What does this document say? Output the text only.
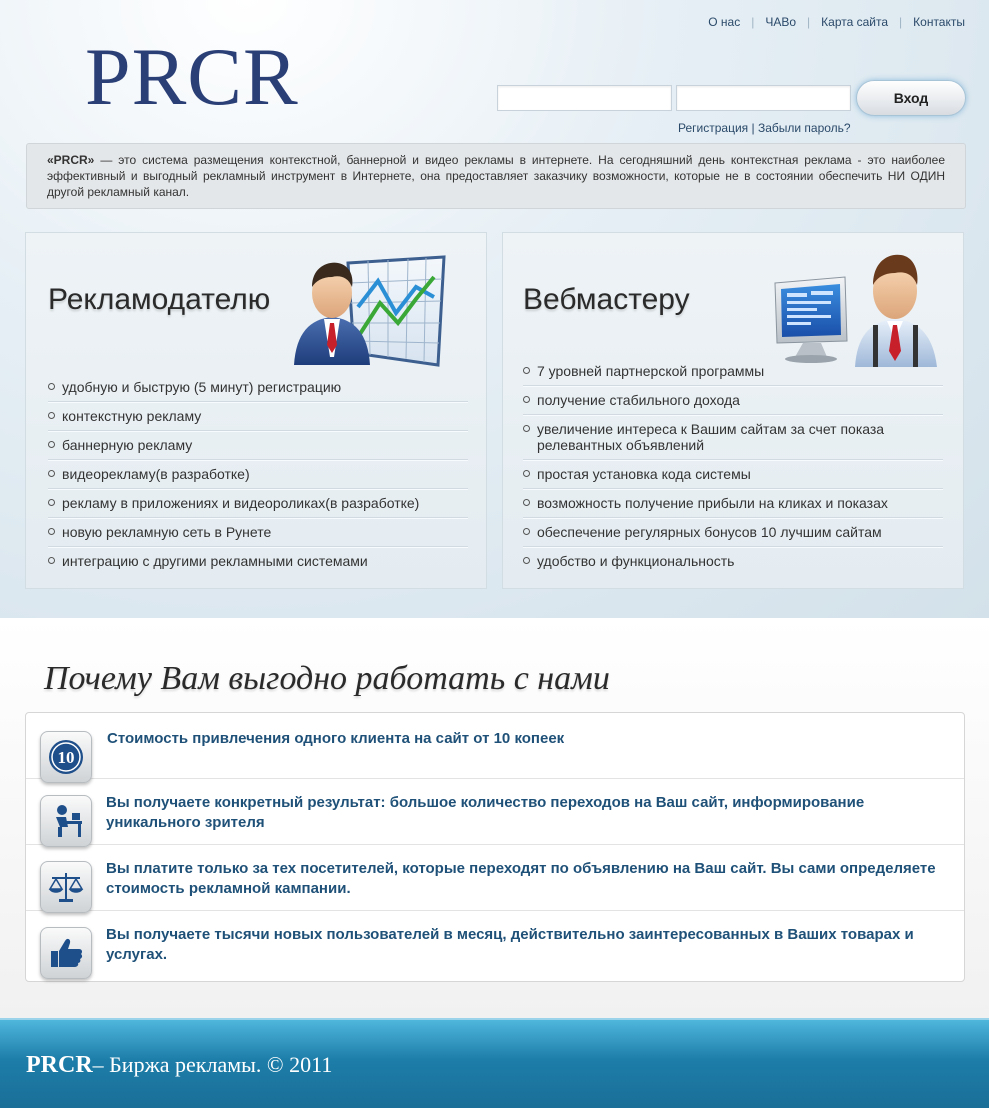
PRCR
О нас | ЧАВо | Карта сайта | Контакты
Вход
Регистрация | Забыли пароль?
«PRCR» — это система размещения контекстной, баннерной и видео рекламы в интернете. На сегодняшний день контекстная реклама - это наиболее эффективный и выгодный рекламный инструмент в Интернете, она предоставляет заказчику возможности, которые не в состоянии обеспечить НИ ОДИН другой рекламный канал.
Рекламодателю
удобную и быструю (5 минут) регистрацию
контекстную рекламу
баннерную рекламу
видеорекламу(в разработке)
рекламу в приложениях и видеороликах(в разработке)
новую рекламную сеть в Рунете
интеграцию с другими рекламными системами
Вебмастеру
7 уровней партнерской программы
получение стабильного дохода
увеличение интереса к Вашим сайтам за счет показа релевантных объявлений
простая установка кода системы
возможность получение прибыли на кликах и показах
обеспечение регулярных бонусов 10 лучшим сайтам
удобство и функциональность
Почему Вам выгодно работать с нами
10
Стоимость привлечения одного клиента на сайт от 10 копеек
Вы получаете конкретный результат: большое количество переходов на Ваш сайт, информирование уникального зрителя
Вы платите только за тех посетителей, которые переходят по объявлению на Ваш сайт. Вы сами определяете стоимость рекламной кампании.
Вы получаете тысячи новых пользователей в месяц, действительно заинтересованных в Ваших товарах и услугах.
PRCR– Биржа рекламы. © 2011
